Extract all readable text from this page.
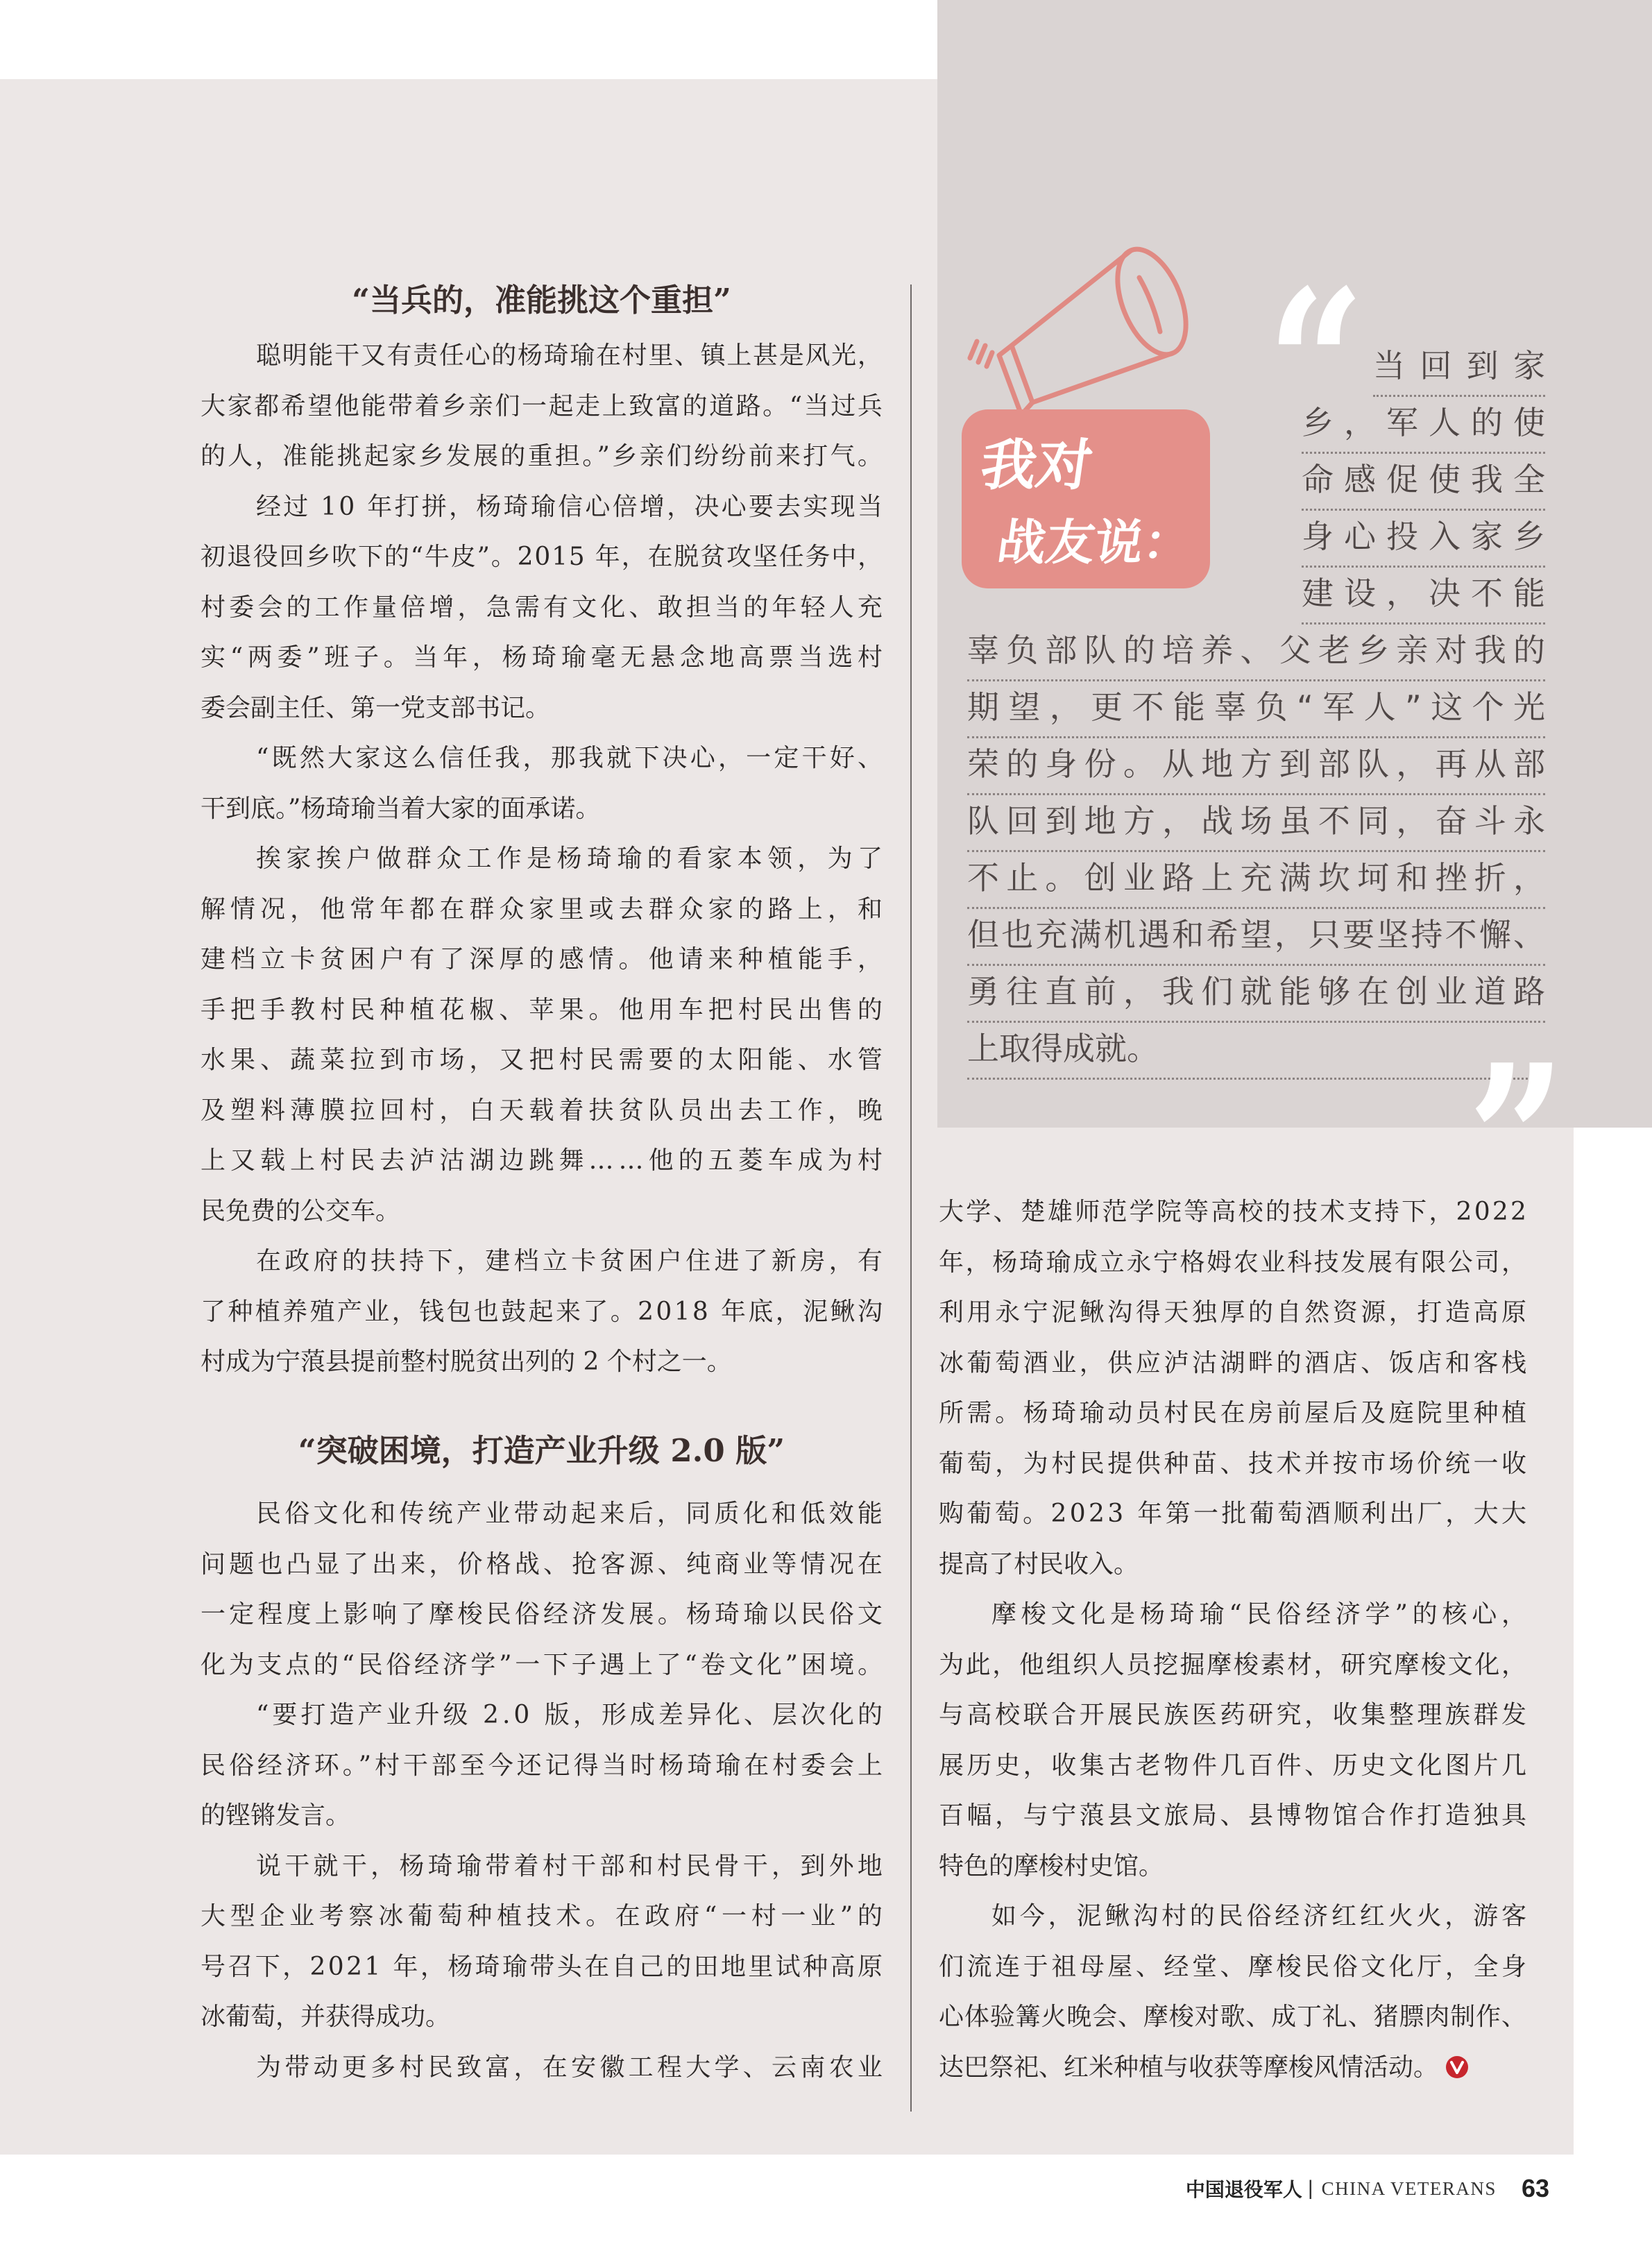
“当兵的，准能挑这个重担”
聪明能干又有责任心的杨琦瑜在村里、镇上甚是风光，
大家都希望他能带着乡亲们一起走上致富的道路。“当过兵
的人，准能挑起家乡发展的重担。”乡亲们纷纷前来打气。
经过 10 年打拼，杨琦瑜信心倍增，决心要去实现当
初退役回乡吹下的“牛皮”。2015 年，在脱贫攻坚任务中，
村委会的工作量倍增，急需有文化、敢担当的年轻人充
实“两委”班子。当年，杨琦瑜毫无悬念地高票当选村
委会副主任、第一党支部书记。
“既然大家这么信任我，那我就下决心，一定干好、
干到底。”杨琦瑜当着大家的面承诺。
挨家挨户做群众工作是杨琦瑜的看家本领，为了
解情况，他常年都在群众家里或去群众家的路上，和
建档立卡贫困户有了深厚的感情。他请来种植能手，
手把手教村民种植花椒、苹果。他用车把村民出售的
水果、蔬菜拉到市场，又把村民需要的太阳能、水管
及塑料薄膜拉回村，白天载着扶贫队员出去工作，晚
上又载上村民去泸沽湖边跳舞……他的五菱车成为村
民免费的公交车。
在政府的扶持下，建档立卡贫困户住进了新房，有
了种植养殖产业，钱包也鼓起来了。2018 年底，泥鳅沟
村成为宁蒗县提前整村脱贫出列的 2 个村之一。
“突破困境，打造产业升级 2.0 版”
民俗文化和传统产业带动起来后，同质化和低效能
问题也凸显了出来，价格战、抢客源、纯商业等情况在
一定程度上影响了摩梭民俗经济发展。杨琦瑜以民俗文
化为支点的“民俗经济学”一下子遇上了“卷文化”困境。
“要打造产业升级 2.0 版，形成差异化、层次化的
民俗经济环。”村干部至今还记得当时杨琦瑜在村委会上
的铿锵发言。
说干就干，杨琦瑜带着村干部和村民骨干，到外地
大型企业考察冰葡萄种植技术。在政府“一村一业”的
号召下，2021 年，杨琦瑜带头在自己的田地里试种高原
冰葡萄，并获得成功。
为带动更多村民致富，在安徽工程大学、云南农业
大学、楚雄师范学院等高校的技术支持下，2022
年，杨琦瑜成立永宁格姆农业科技发展有限公司，
利用永宁泥鳅沟得天独厚的自然资源，打造高原
冰葡萄酒业，供应泸沽湖畔的酒店、饭店和客栈
所需。杨琦瑜动员村民在房前屋后及庭院里种植
葡萄，为村民提供种苗、技术并按市场价统一收
购葡萄。2023 年第一批葡萄酒顺利出厂，大大
提高了村民收入。
摩梭文化是杨琦瑜“民俗经济学”的核心，
为此，他组织人员挖掘摩梭素材，研究摩梭文化，
与高校联合开展民族医药研究，收集整理族群发
展历史，收集古老物件几百件、历史文化图片几
百幅，与宁蒗县文旅局、县博物馆合作打造独具
特色的摩梭村史馆。
如今，泥鳅沟村的民俗经济红红火火，游客
们流连于祖母屋、经堂、摩梭民俗文化厅，全身
心体验篝火晚会、摩梭对歌、成丁礼、猪膘肉制作、
达巴祭祀、红米种植与收获等摩梭风情活动。
我对
战友说：
“ 当回到家
乡，军人的使
命感促使我全
身心投入家乡
建设，决不能
辜负部队的培养、父老乡亲对我的
期望，更不能辜负“军人”这个光
荣的身份。从地方到部队，再从部
队回到地方，战场虽不同，奋斗永
不止。创业路上充满坎坷和挫折，
但也充满机遇和希望，只要坚持不懈、
勇往直前，我们就能够在创业道路
上取得成就。	”
中国退役军人 | CHINA VETERANS 63
